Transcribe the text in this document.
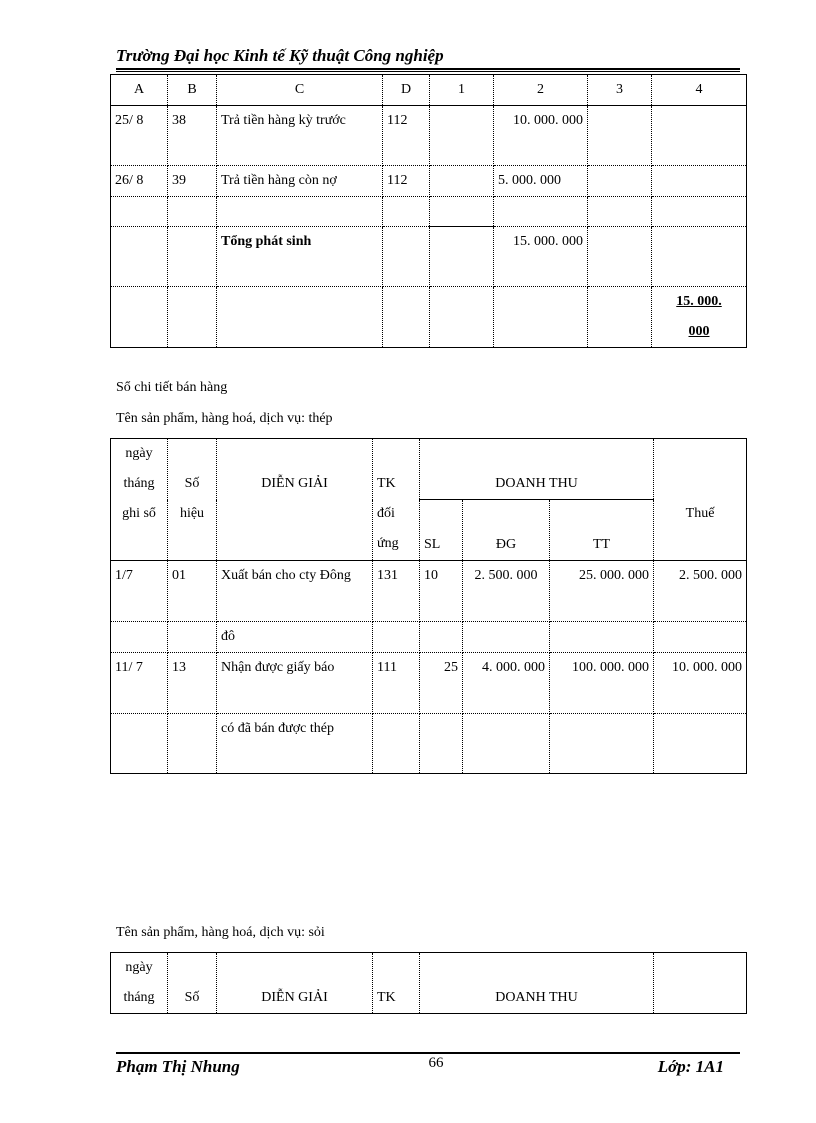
Trường Đại học Kinh tế Kỹ thuật Công nghiệp
A	B	C	D	1	2	3	4
25/ 8	38	Trả tiền hàng kỳ trước	112		10. 000. 000		
26/ 8	39	Trả tiền hàng còn nợ	112		5. 000. 000		

		Tổng phát sinh			15. 000. 000		
							15. 000. 000
Sổ chi tiết bán hàng
Tên sản phẩm, hàng hoá, dịch vụ: thép
ngày tháng ghi sổ	Số hiệu	DIỄN GIẢI	TK đối ứng	DOANH THU			Thuế
				SL	ĐG	TT	
1/7	01	Xuất bán cho cty Đông	131	10	2. 500. 000	25. 000. 000	2. 500. 000
		đô					
11/ 7	13	Nhận được giấy báo	111	25	4. 000. 000	100. 000. 000	10. 000. 000
		có đã bán được thép					
Tên sản phẩm, hàng hoá, dịch vụ: sỏi
ngày tháng	Số	DIỄN GIẢI	TK	DOANH THU	
Phạm Thị Nhung	66	Lớp: 1A1
